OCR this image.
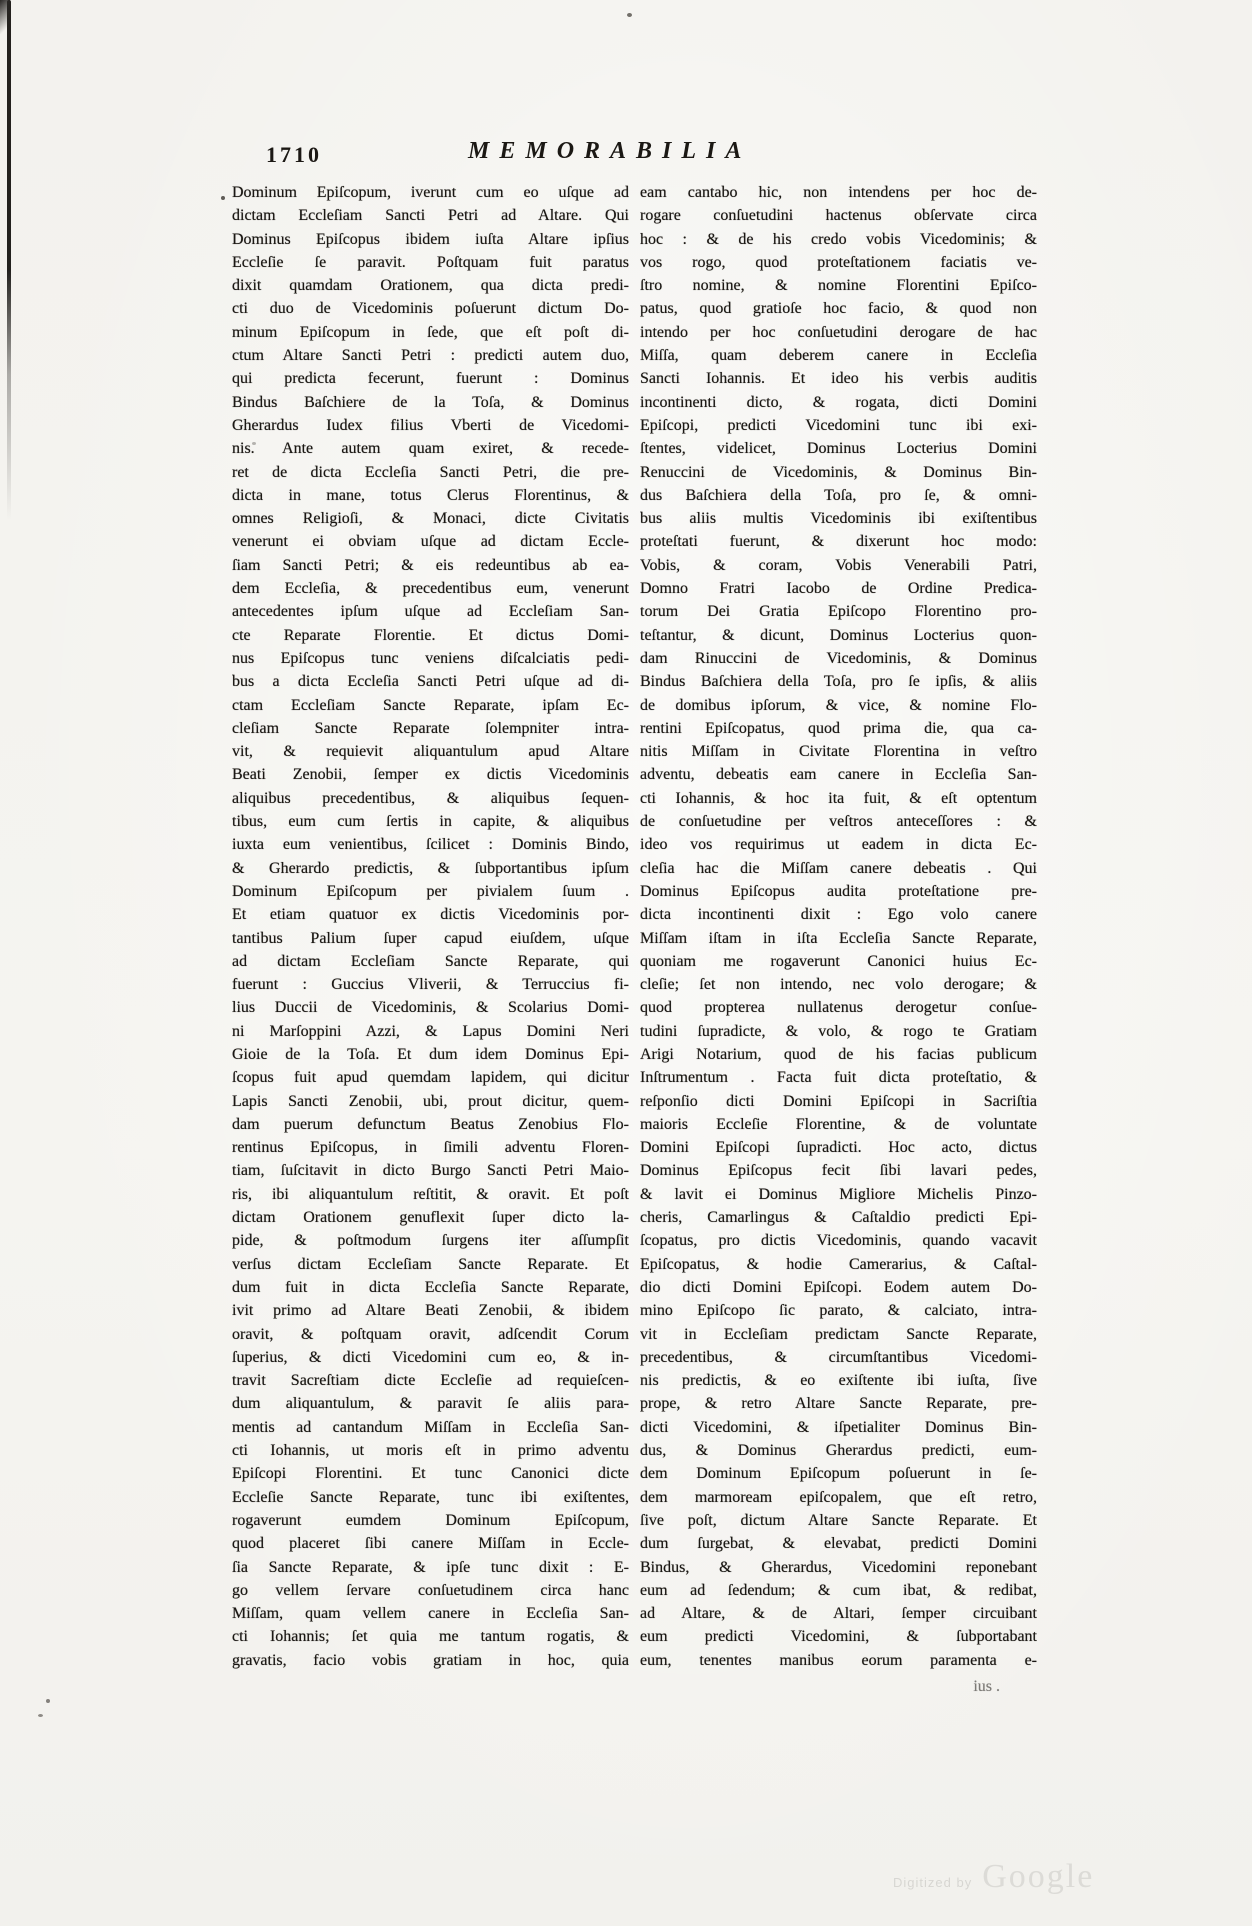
1710	MEMORABILIA
Dominum Epiſcopum, iverunt cum eo uſque ad
dictam Eccleſiam Sancti Petri ad Altare. Qui
Dominus Epiſcopus ibidem iuſta Altare ipſius
Eccleſie ſe paravit. Poſtquam fuit paratus
dixit quamdam Orationem, qua dicta predi-
cti duo de Vicedominis poſuerunt dictum Do-
minum Epiſcopum in ſede, que eſt poſt di-
ctum Altare Sancti Petri : predicti autem duo,
qui predicta fecerunt, fuerunt : Dominus
Bindus Baſchiere de la Toſa, & Dominus
Gherardus Iudex filius Vberti de Vicedomi-
nis. Ante autem quam exiret, & recede-
ret de dicta Eccleſia Sancti Petri, die pre-
dicta in mane, totus Clerus Florentinus, &
omnes Religioſi, & Monaci, dicte Civitatis
venerunt ei obviam uſque ad dictam Eccle-
ſiam Sancti Petri; & eis redeuntibus ab ea-
dem Eccleſia, & precedentibus eum, venerunt
antecedentes ipſum uſque ad Eccleſiam San-
cte Reparate Florentie. Et dictus Domi-
nus Epiſcopus tunc veniens diſcalciatis pedi-
bus a dicta Eccleſia Sancti Petri uſque ad di-
ctam Eccleſiam Sancte Reparate, ipſam Ec-
cleſiam Sancte Reparate ſolempniter intra-
vit, & requievit aliquantulum apud Altare
Beati Zenobii, ſemper ex dictis Vicedominis
aliquibus precedentibus, & aliquibus ſequen-
tibus, eum cum ſertis in capite, & aliquibus
iuxta eum venientibus, ſcilicet : Dominis Bindo,
& Gherardo predictis, & ſubportantibus ipſum
Dominum Epiſcopum per pivialem ſuum .
Et etiam quatuor ex dictis Vicedominis por-
tantibus Palium ſuper capud eiuſdem, uſque
ad dictam Eccleſiam Sancte Reparate, qui
fuerunt : Guccius Vliverii, & Terruccius fi-
lius Duccii de Vicedominis, & Scolarius Domi-
ni Marſoppini Azzi, & Lapus Domini Neri
Gioie de la Toſa. Et dum idem Dominus Epi-
ſcopus fuit apud quemdam lapidem, qui dicitur
Lapis Sancti Zenobii, ubi, prout dicitur, quem-
dam puerum defunctum Beatus Zenobius Flo-
rentinus Epiſcopus, in ſimili adventu Floren-
tiam, ſuſcitavit in dicto Burgo Sancti Petri Maio-
ris, ibi aliquantulum reſtitit, & oravit. Et poſt
dictam Orationem genuflexit ſuper dicto la-
pide, & poſtmodum ſurgens iter aſſumpſit
verſus dictam Eccleſiam Sancte Reparate. Et
dum fuit in dicta Eccleſia Sancte Reparate,
ivit primo ad Altare Beati Zenobii, & ibidem
oravit, & poſtquam oravit, adſcendit Corum
ſuperius, & dicti Vicedomini cum eo, & in-
travit Sacreſtiam dicte Eccleſie ad requieſcen-
dum aliquantulum, & paravit ſe aliis para-
mentis ad cantandum Miſſam in Eccleſia San-
cti Iohannis, ut moris eſt in primo adventu
Epiſcopi Florentini. Et tunc Canonici dicte
Eccleſie Sancte Reparate, tunc ibi exiſtentes,
rogaverunt eumdem Dominum Epiſcopum,
quod placeret ſibi canere Miſſam in Eccle-
ſia Sancte Reparate, & ipſe tunc dixit : E-
go vellem ſervare conſuetudinem circa hanc
Miſſam, quam vellem canere in Eccleſia San-
cti Iohannis; ſet quia me tantum rogatis, &
gravatis, facio vobis gratiam in hoc, quia
eam cantabo hic, non intendens per hoc de-
rogare conſuetudini hactenus obſervate circa
hoc : & de his credo vobis Vicedominis; &
vos rogo, quod proteſtationem faciatis ve-
ſtro nomine, & nomine Florentini Epiſco-
patus, quod gratioſe hoc facio, & quod non
intendo per hoc conſuetudini derogare de hac
Miſſa, quam deberem canere in Eccleſia
Sancti Iohannis. Et ideo his verbis auditis
incontinenti dicto, & rogata, dicti Domini
Epiſcopi, predicti Vicedomini tunc ibi exi-
ſtentes, videlicet, Dominus Locterius Domini
Renuccini de Vicedominis, & Dominus Bin-
dus Baſchiera della Toſa, pro ſe, & omni-
bus aliis multis Vicedominis ibi exiſtentibus
proteſtati fuerunt, & dixerunt hoc modo:
Vobis, & coram, Vobis Venerabili Patri,
Domno Fratri Iacobo de Ordine Predica-
torum Dei Gratia Epiſcopo Florentino pro-
teſtantur, & dicunt, Dominus Locterius quon-
dam Rinuccini de Vicedominis, & Dominus
Bindus Baſchiera della Toſa, pro ſe ipſis, & aliis
de domibus ipſorum, & vice, & nomine Flo-
rentini Epiſcopatus, quod prima die, qua ca-
nitis Miſſam in Civitate Florentina in veſtro
adventu, debeatis eam canere in Eccleſia San-
cti Iohannis, & hoc ita fuit, & eſt optentum
de conſuetudine per veſtros anteceſſores : &
ideo vos requirimus ut eadem in dicta Ec-
cleſia hac die Miſſam canere debeatis . Qui
Dominus Epiſcopus audita proteſtatione pre-
dicta incontinenti dixit : Ego volo canere
Miſſam iſtam in iſta Eccleſia Sancte Reparate,
quoniam me rogaverunt Canonici huius Ec-
cleſie; ſet non intendo, nec volo derogare; &
quod propterea nullatenus derogetur conſue-
tudini ſupradicte, & volo, & rogo te Gratiam
Arigi Notarium, quod de his facias publicum
Inſtrumentum . Facta fuit dicta proteſtatio, &
reſponſio dicti Domini Epiſcopi in Sacriſtia
maioris Eccleſie Florentine, & de voluntate
Domini Epiſcopi ſupradicti. Hoc acto, dictus
Dominus Epiſcopus fecit ſibi lavari pedes,
& lavit ei Dominus Migliore Michelis Pinzo-
cheris, Camarlingus & Caſtaldio predicti Epi-
ſcopatus, pro dictis Vicedominis, quando vacavit
Epiſcopatus, & hodie Camerarius, & Caſtal-
dio dicti Domini Epiſcopi. Eodem autem Do-
mino Epiſcopo ſic parato, & calciato, intra-
vit in Eccleſiam predictam Sancte Reparate,
precedentibus, & circumſtantibus Vicedomi-
nis predictis, & eo exiſtente ibi iuſta, ſive
prope, & retro Altare Sancte Reparate, pre-
dicti Vicedomini, & iſpetialiter Dominus Bin-
dus, & Dominus Gherardus predicti, eum-
dem Dominum Epiſcopum poſuerunt in ſe-
dem marmoream epiſcopalem, que eſt retro,
ſive poſt, dictum Altare Sancte Reparate. Et
dum ſurgebat, & elevabat, predicti Domini
Bindus, & Gherardus, Vicedomini reponebant
eum ad ſedendum; & cum ibat, & redibat,
ad Altare, & de Altari, ſemper circuibant
eum predicti Vicedomini, & ſubportabant
eum, tenentes manibus eorum paramenta e-
ius .
Digitized by Google
